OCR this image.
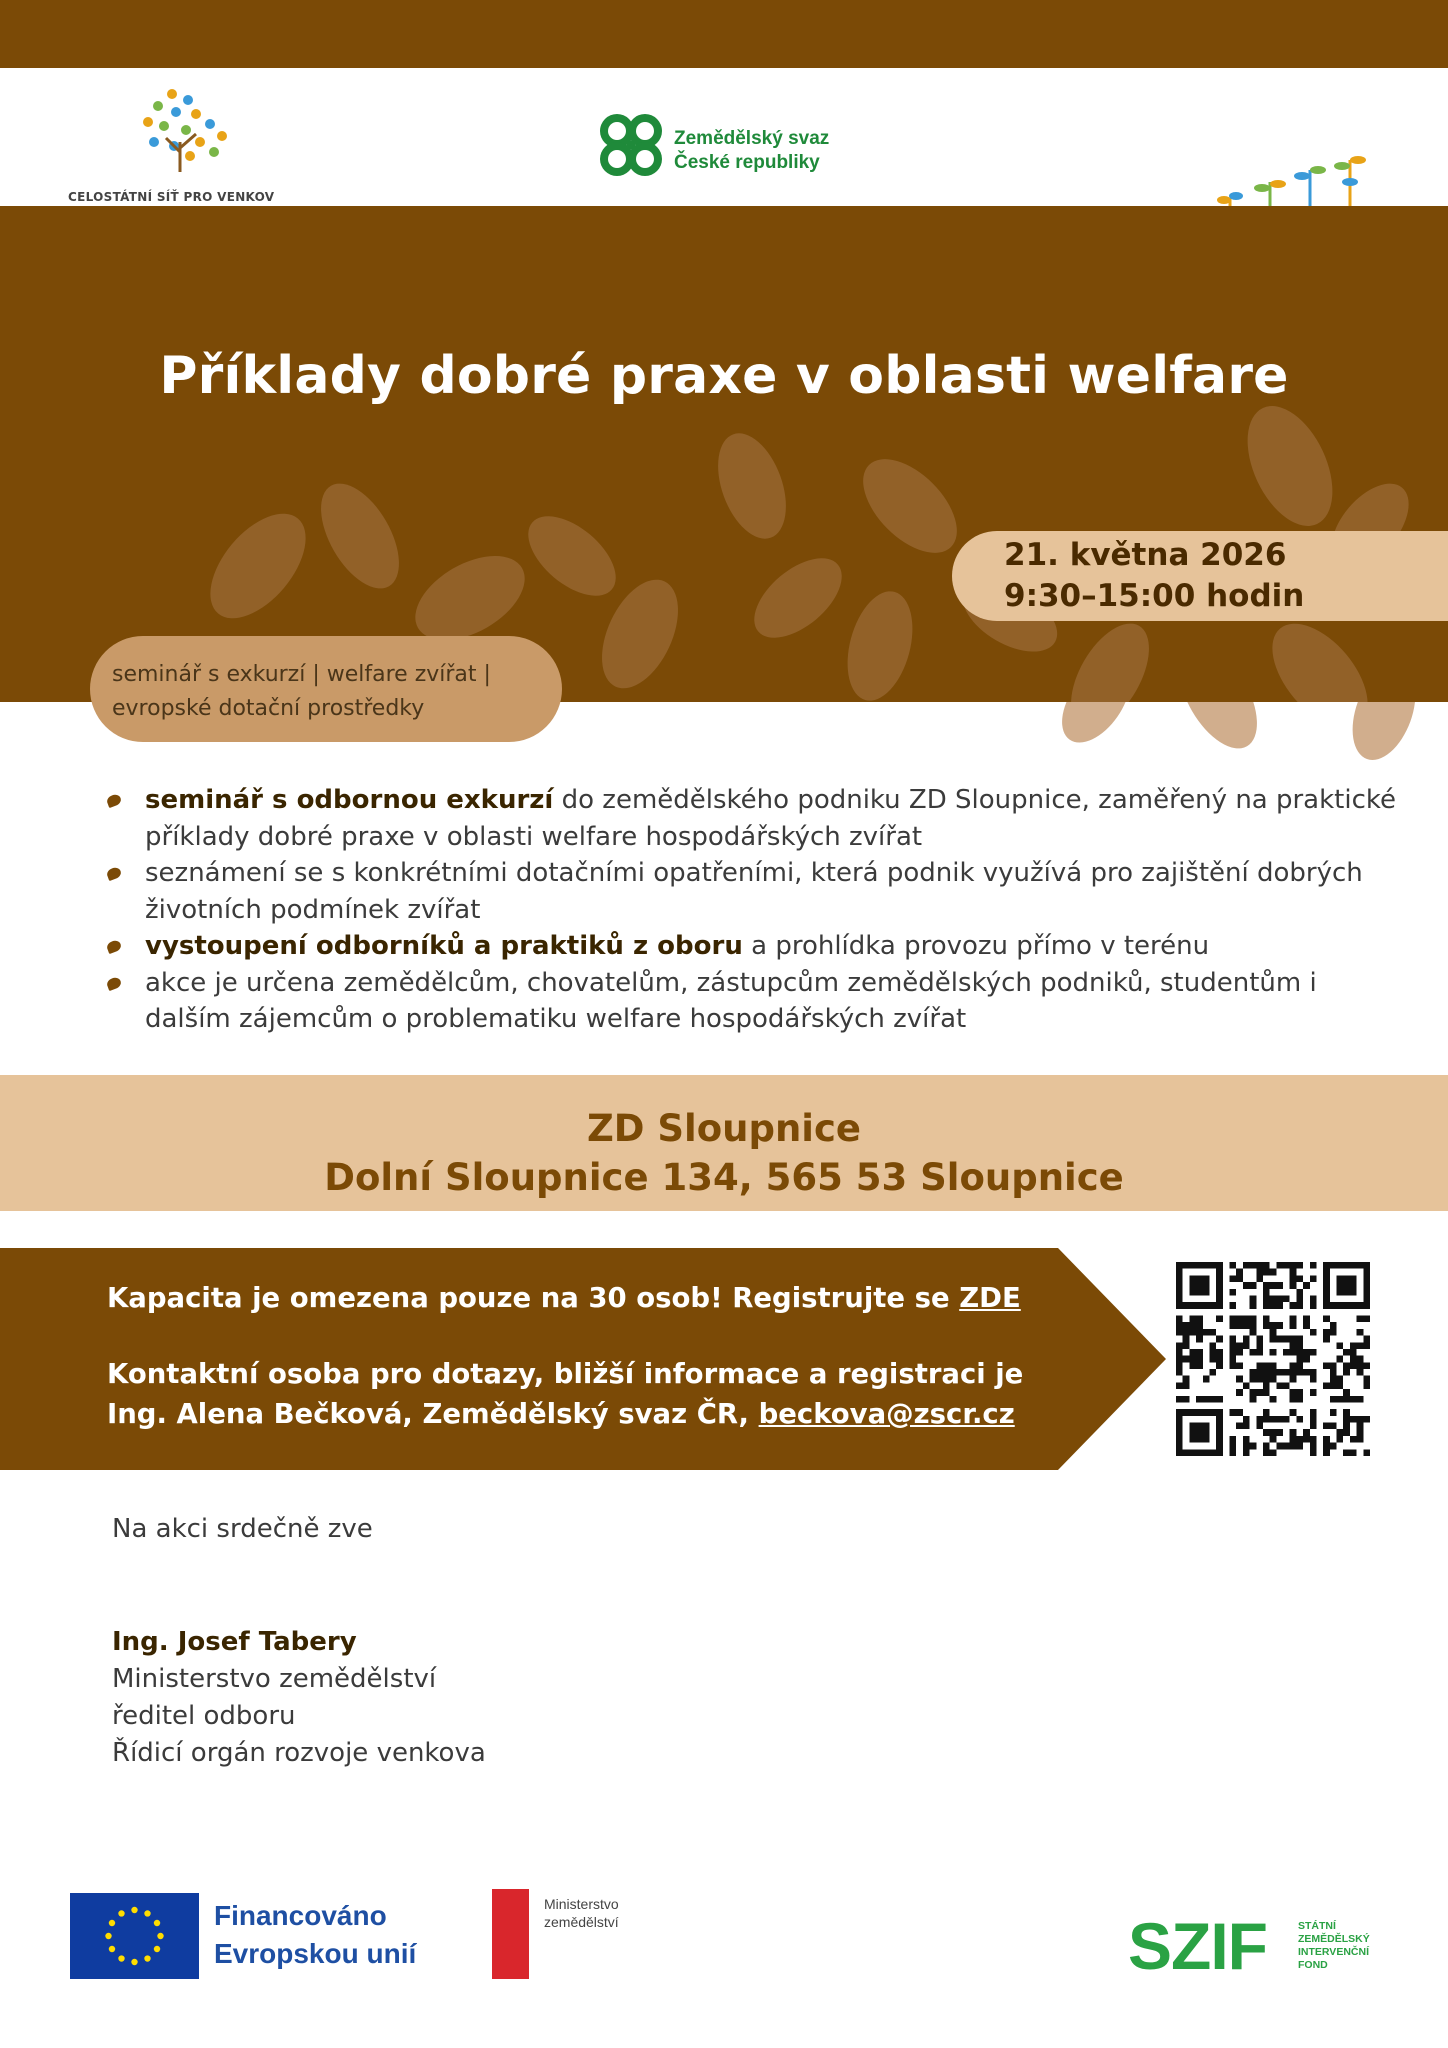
CELOSTÁTNÍ SÍŤ PRO VENKOV
Zemědělský svaz
České republiky
Příklady dobré praxe v oblasti welfare
21. května 2026
9:30–15:00 hodin
seminář s exkurzí | welfare zvířat |
evropské dotační prostředky
seminář s odbornou exkurzí do zemědělského podniku ZD Sloupnice, zaměřený na praktické příklady dobré praxe v oblasti welfare hospodářských zvířat
seznámení se s konkrétními dotačními opatřeními, která podnik využívá pro zajištění dobrých životních podmínek zvířat
vystoupení odborníků a praktiků z oboru a prohlídka provozu přímo v terénu
akce je určena zemědělcům, chovatelům, zástupcům zemědělských podniků, studentům i dalším zájemcům o problematiku welfare hospodářských zvířat
ZD Sloupnice
Dolní Sloupnice 134, 565 53 Sloupnice
Kapacita je omezena pouze na 30 osob! Registrujte se ZDE
Kontaktní osoba pro dotazy, bližší informace a registraci je
Ing. Alena Bečková, Zemědělský svaz ČR, beckova@zscr.cz
Na akci srdečně zve
Ing. Josef Tabery
Ministerstvo zemědělství
ředitel odboru
Řídicí orgán rozvoje venkova
Financováno
Evropskou unií
Ministerstvo
zemědělství	SZIF	STÁTNÍ
ZEMĚDĚLSKÝ
INTERVENČNÍ
FOND
